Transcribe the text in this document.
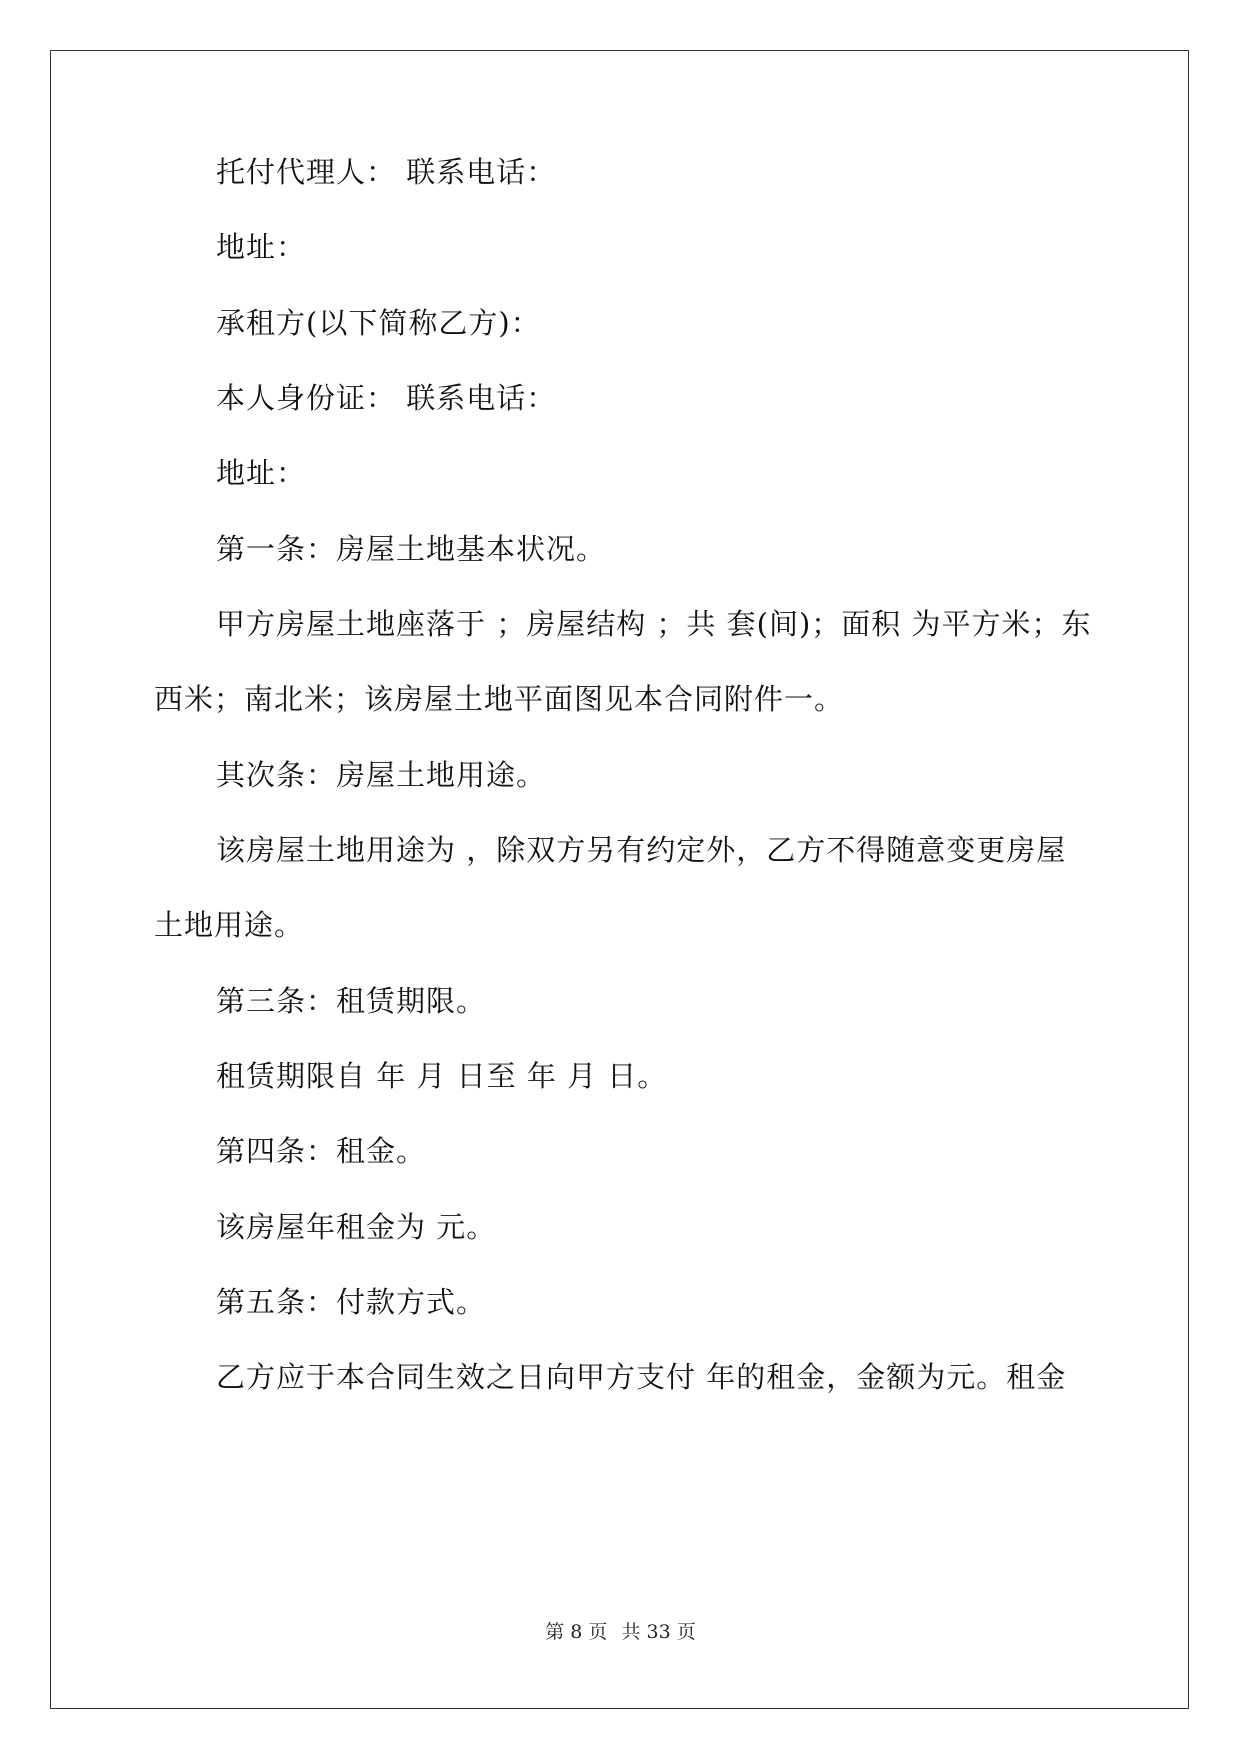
托付代理人： 联系电话：
地址：
承租方(以下简称乙方)：
本人身份证： 联系电话：
地址：
第一条：房屋土地基本状况。
甲方房屋土地座落于 ；房屋结构 ；共 套(间)；面积 为平方米；东
西米；南北米；该房屋土地平面图见本合同附件一。
其次条：房屋土地用途。
该房屋土地用途为 ，除双方另有约定外，乙方不得随意变更房屋
土地用途。
第三条：租赁期限。
租赁期限自 年 月 日至 年 月 日。
第四条：租金。
该房屋年租金为 元。
第五条：付款方式。
乙方应于本合同生效之日向甲方支付 年的租金，金额为元。租金
第 8 页 共 33 页
